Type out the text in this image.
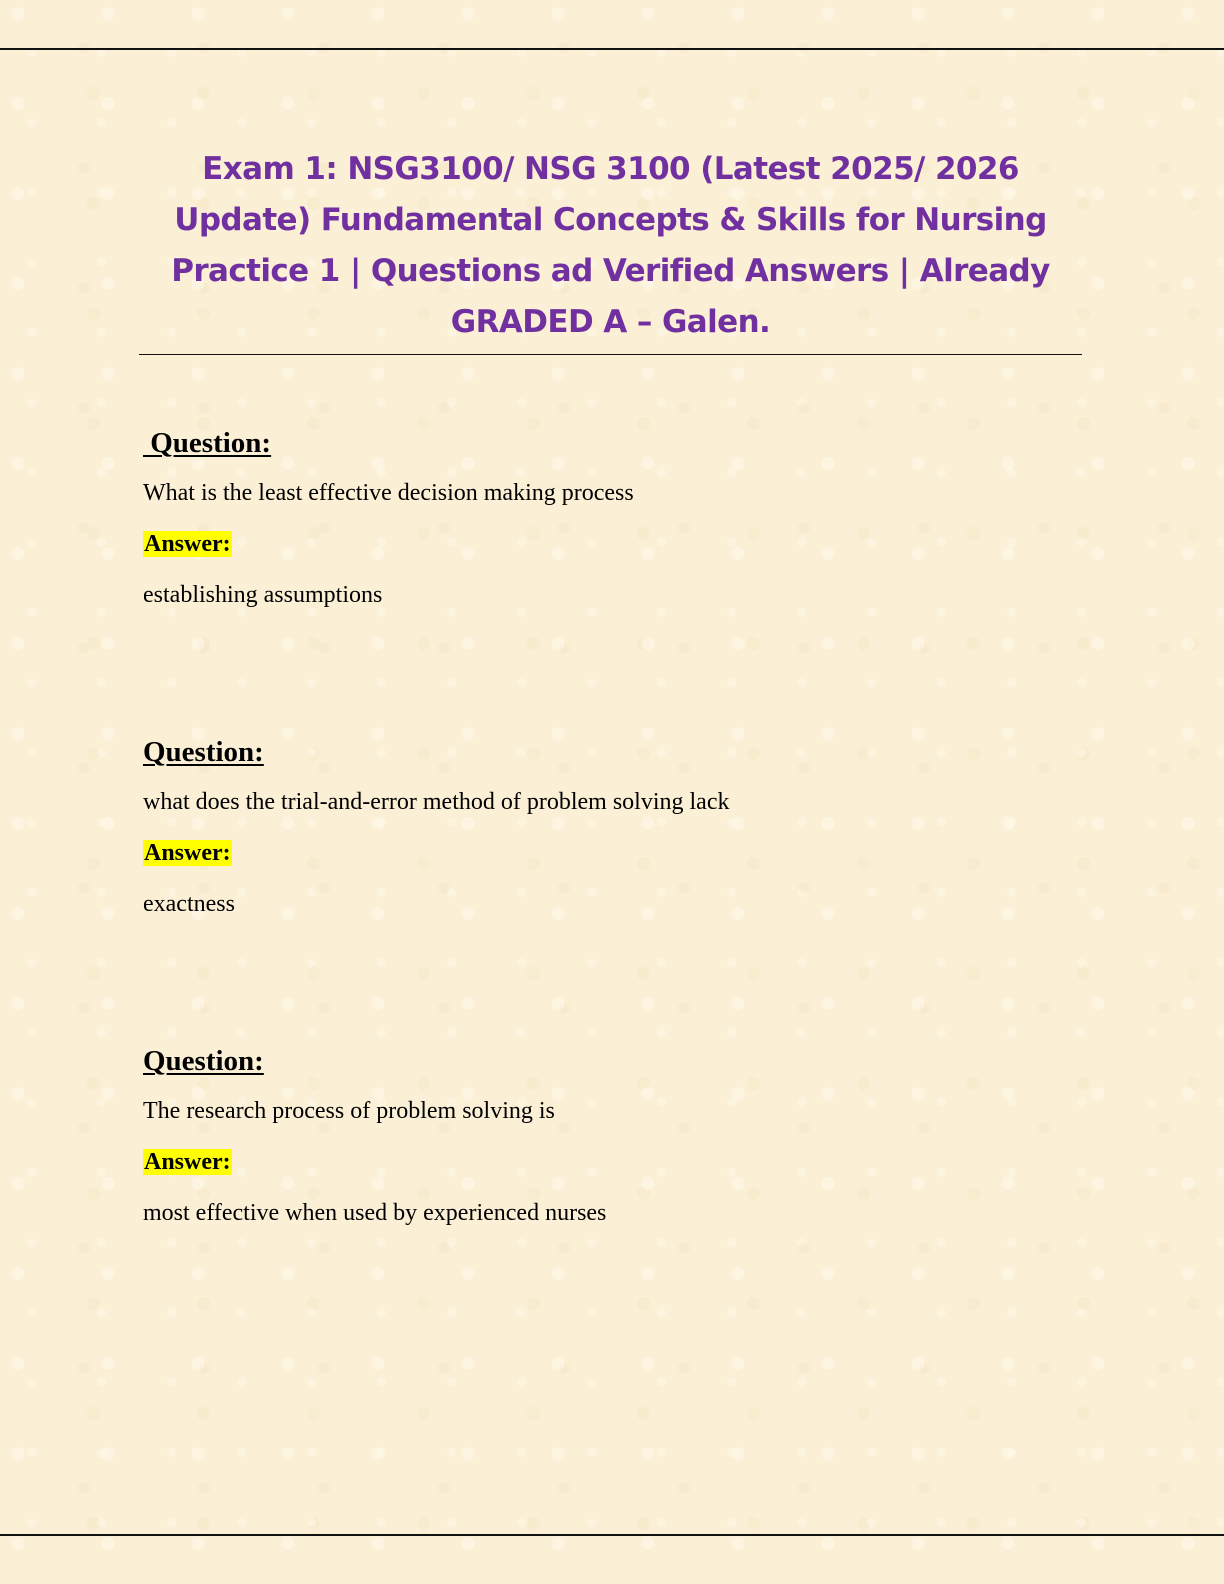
Exam 1: NSG3100/ NSG 3100 (Latest 2025/ 2026 Update) Fundamental Concepts & Skills for Nursing Practice 1 | Questions ad Verified Answers | Already GRADED A – Galen.
Question:
What is the least effective decision making process
Answer:
establishing assumptions
Question:
what does the trial-and-error method of problem solving lack
Answer:
exactness
Question:
The research process of problem solving is
Answer:
most effective when used by experienced nurses
